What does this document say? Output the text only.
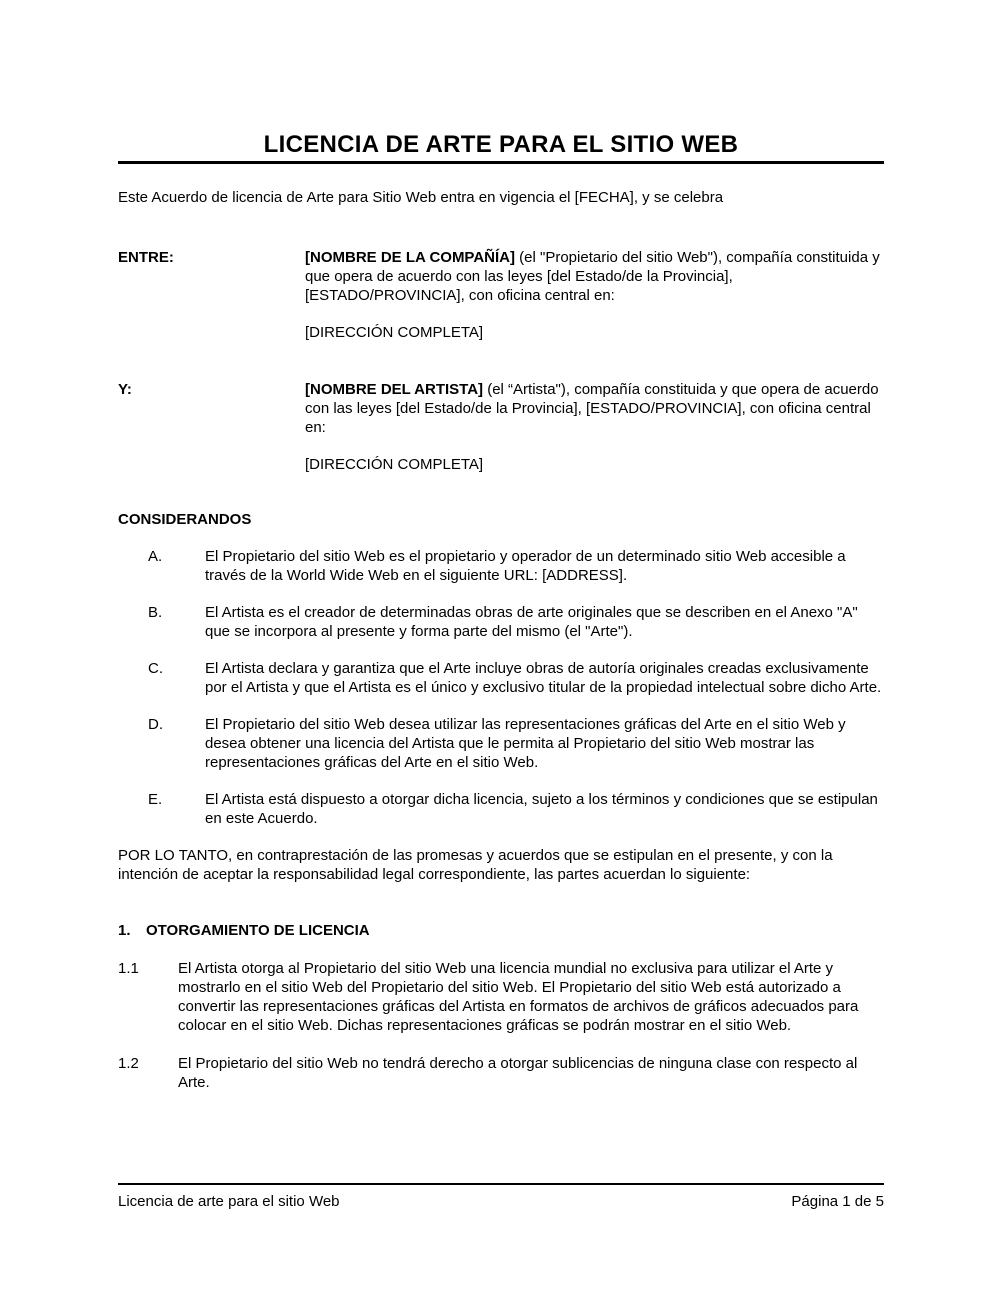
LICENCIA DE ARTE PARA EL SITIO WEB

Este Acuerdo de licencia de Arte para Sitio Web entra en vigencia el [FECHA], y se celebra

ENTRE:	[NOMBRE DE LA COMPAÑÍA] (el "Propietario del sitio Web"), compañía constituida y que opera de acuerdo con las leyes [del Estado/de la Provincia], [ESTADO/PROVINCIA], con oficina central en:

[DIRECCIÓN COMPLETA]

Y:	[NOMBRE DEL ARTISTA] (el “Artista"), compañía constituida y que opera de acuerdo con las leyes [del Estado/de la Provincia], [ESTADO/PROVINCIA], con oficina central en:

[DIRECCIÓN COMPLETA]

CONSIDERANDOS
A.	El Propietario del sitio Web es el propietario y operador de un determinado sitio Web accesible a través de la World Wide Web en el siguiente URL: [ADDRESS].
B.	El Artista es el creador de determinadas obras de arte originales que se describen en el Anexo "A" que se incorpora al presente y forma parte del mismo (el "Arte").
C.	El Artista declara y garantiza que el Arte incluye obras de autoría originales creadas exclusivamente por el Artista y que el Artista es el único y exclusivo titular de la propiedad intelectual sobre dicho Arte.
D.	El Propietario del sitio Web desea utilizar las representaciones gráficas del Arte en el sitio Web y desea obtener una licencia del Artista que le permita al Propietario del sitio Web mostrar las representaciones gráficas del Arte en el sitio Web.
E.	El Artista está dispuesto a otorgar dicha licencia, sujeto a los términos y condiciones que se estipulan en este Acuerdo.

POR LO TANTO, en contraprestación de las promesas y acuerdos que se estipulan en el presente, y con la intención de aceptar la responsabilidad legal correspondiente, las partes acuerdan lo siguiente:

1.	OTORGAMIENTO DE LICENCIA
1.1	El Artista otorga al Propietario del sitio Web una licencia mundial no exclusiva para utilizar el Arte y mostrarlo en el sitio Web del Propietario del sitio Web. El Propietario del sitio Web está autorizado a convertir las representaciones gráficas del Artista en formatos de archivos de gráficos adecuados para colocar en el sitio Web. Dichas representaciones gráficas se podrán mostrar en el sitio Web.
1.2	El Propietario del sitio Web no tendrá derecho a otorgar sublicencias de ninguna clase con respecto al Arte.
Licencia de arte para el sitio Web	Página 1 de 5
